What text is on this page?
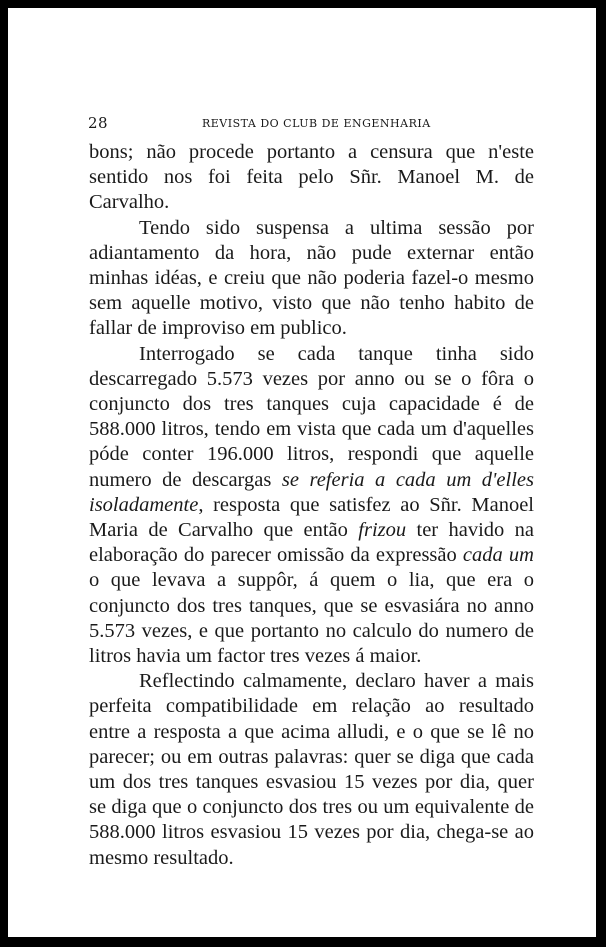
28	REVISTA DO CLUB DE ENGENHARIA

bons; não procede portanto a censura que n'este sentido nos foi feita pelo Sñr. Manoel M. de Carvalho.

Tendo sido suspensa a ultima sessão por adiantamento da hora, não pude externar então minhas idéas, e creiu que não poderia fazel-o mesmo sem aquelle motivo, visto que não tenho habito de fallar de improviso em publico.

Interrogado se cada tanque tinha sido descarregado 5.573 vezes por anno ou se o fôra o conjuncto dos tres tanques cuja capacidade é de 588.000 litros, tendo em vista que cada um d'aquelles póde conter 196.000 litros, respondi que aquelle numero de descargas se referia a cada um d'elles isoladamente, resposta que satisfez ao Sñr. Manoel Maria de Carvalho que então frizou ter havido na elaboração do parecer omissão da expressão cada um o que levava a suppôr, á quem o lia, que era o conjuncto dos tres tanques, que se esvasiára no anno 5.573 vezes, e que portanto no calculo do numero de litros havia um factor tres vezes á maior.

Reflectindo calmamente, declaro haver a mais perfeita compatibilidade em relação ao resultado entre a resposta a que acima alludi, e o que se lê no parecer; ou em outras palavras: quer se diga que cada um dos tres tanques esvasiou 15 vezes por dia, quer se diga que o conjuncto dos tres ou um equivalente de 588.000 litros esvasiou 15 vezes por dia, chega-se ao mesmo resultado.
